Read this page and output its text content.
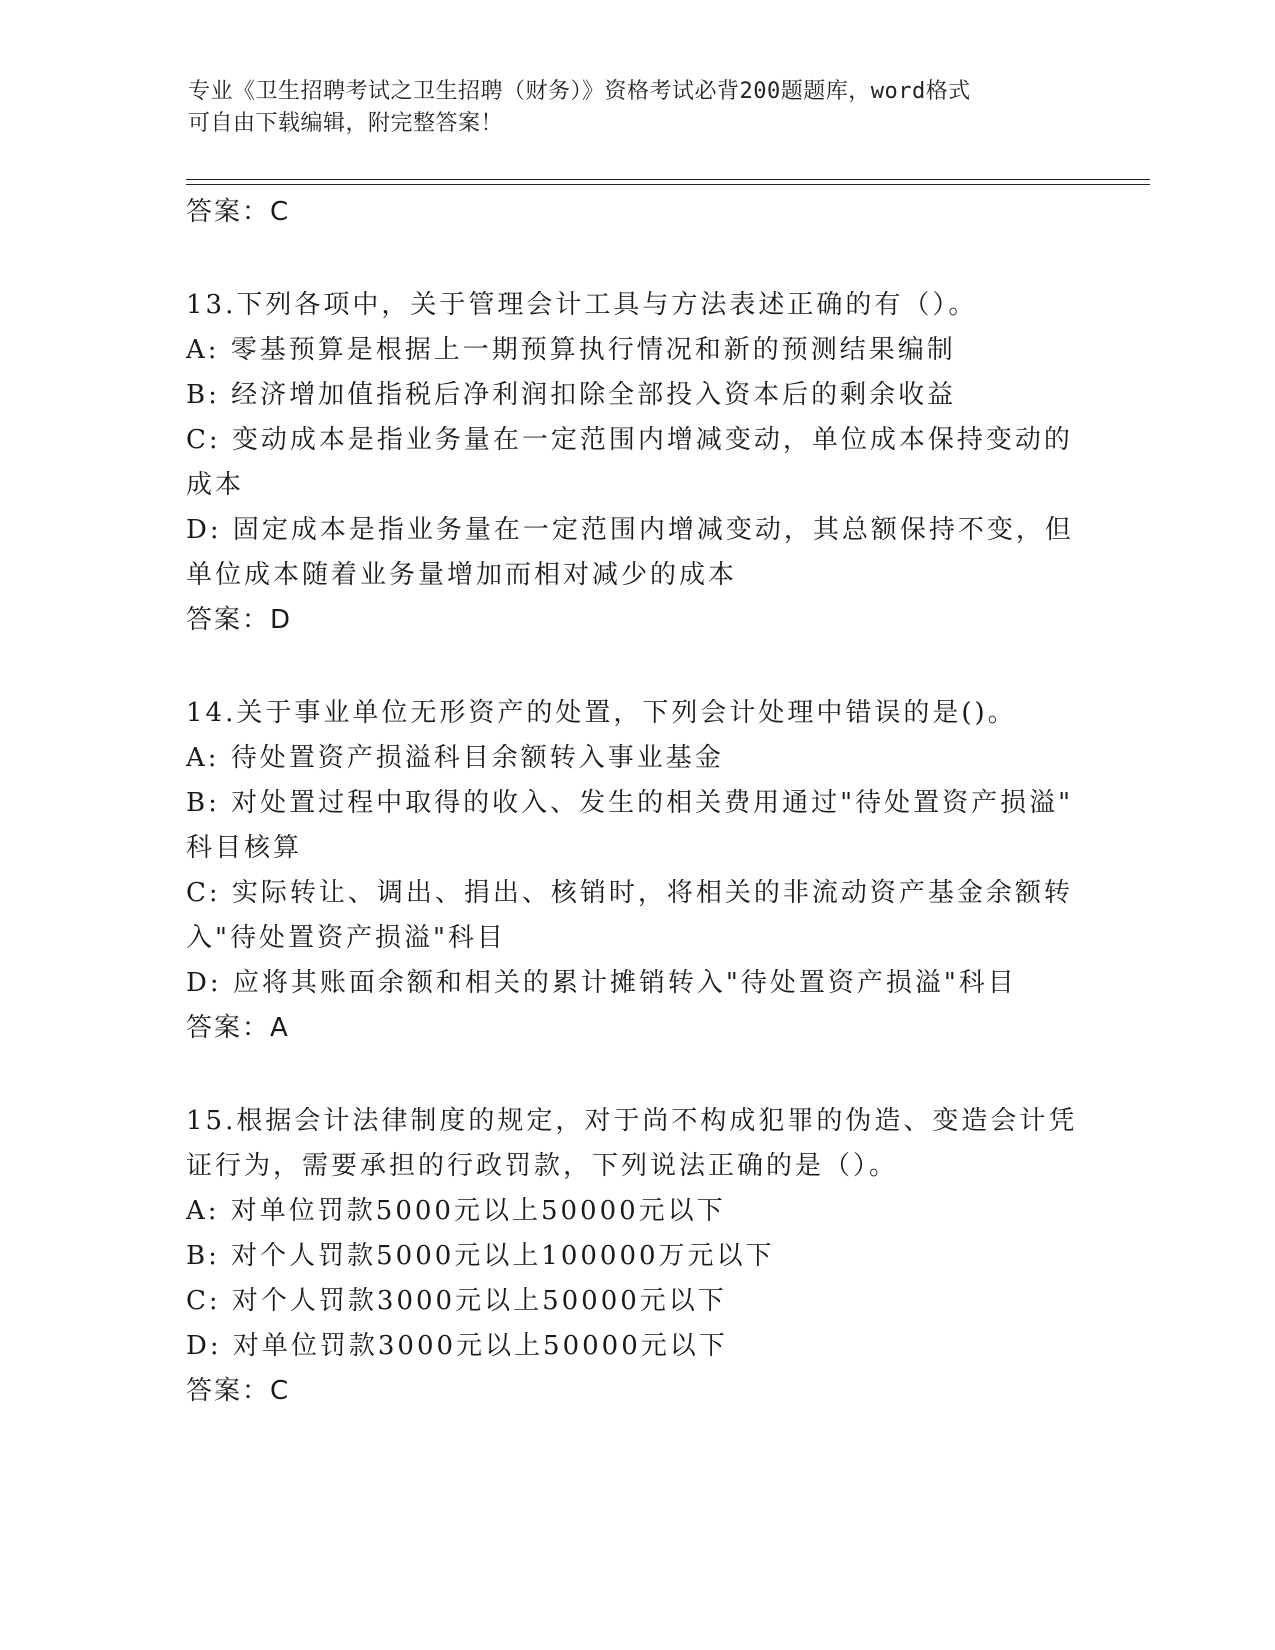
专业《卫生招聘考试之卫生招聘（财务）》资格考试必背200题题库，word格式
可自由下载编辑，附完整答案！
答案：C
13.下列各项中，关于管理会计工具与方法表述正确的有（）。
A: 零基预算是根据上一期预算执行情况和新的预测结果编制
B: 经济增加值指税后净利润扣除全部投入资本后的剩余收益
C: 变动成本是指业务量在一定范围内增减变动，单位成本保持变动的
成本
D: 固定成本是指业务量在一定范围内增减变动，其总额保持不变，但
单位成本随着业务量增加而相对减少的成本
答案：D
14.关于事业单位无形资产的处置，下列会计处理中错误的是()。
A: 待处置资产损溢科目余额转入事业基金
B: 对处置过程中取得的收入、发生的相关费用通过"待处置资产损溢"
科目核算
C: 实际转让、调出、捐出、核销时，将相关的非流动资产基金余额转
入"待处置资产损溢"科目
D: 应将其账面余额和相关的累计摊销转入"待处置资产损溢"科目
答案：A
15.根据会计法律制度的规定，对于尚不构成犯罪的伪造、变造会计凭
证行为，需要承担的行政罚款，下列说法正确的是（）。
A: 对单位罚款5000元以上50000元以下
B: 对个人罚款5000元以上100000万元以下
C: 对个人罚款3000元以上50000元以下
D: 对单位罚款3000元以上50000元以下
答案：C
